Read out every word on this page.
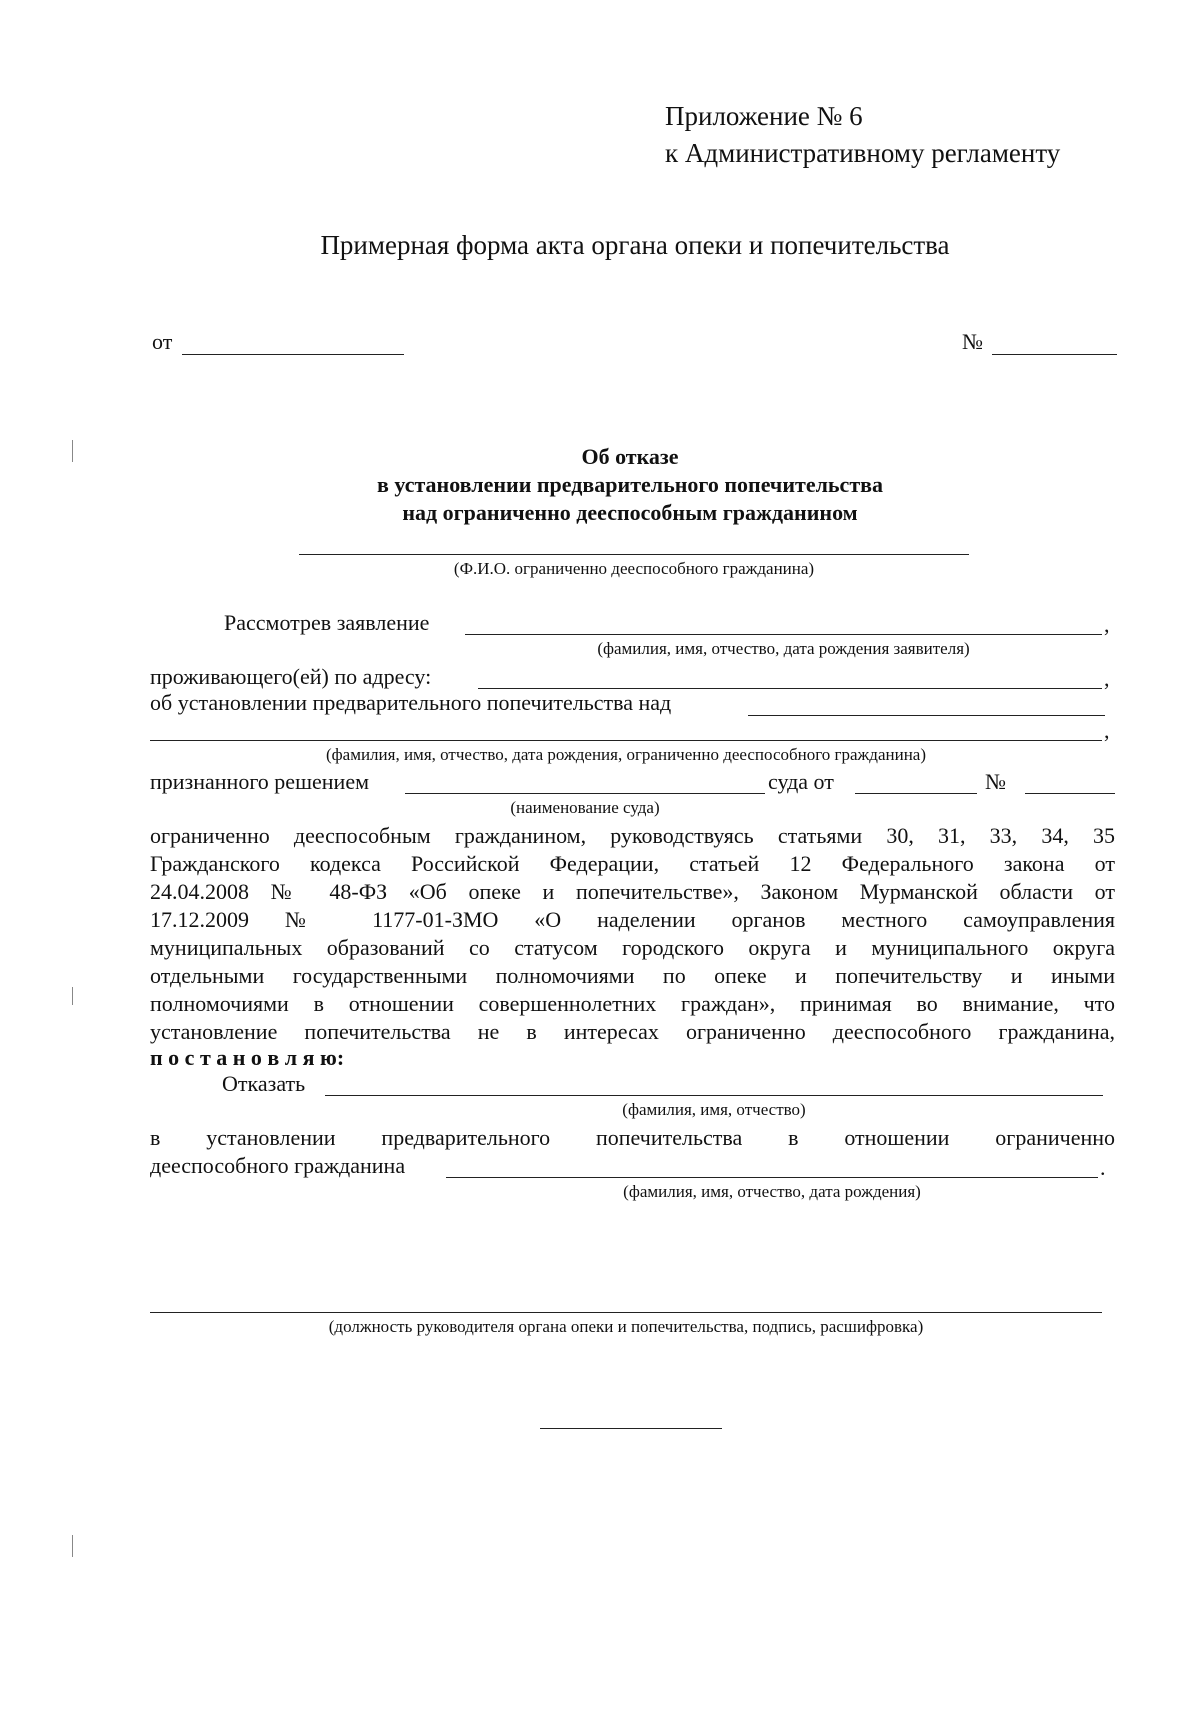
Приложение № 6
к Административному регламенту
Примерная форма акта органа опеки и попечительства
от	№
Об отказе
в установлении предварительного попечительства
над ограниченно дееспособным гражданином
(Ф.И.О. ограниченно дееспособного гражданина)
Рассмотрев заявление	,
(фамилия, имя, отчество, дата рождения заявителя)
проживающего(ей) по адресу:	,
об установлении предварительного попечительства над
,
(фамилия, имя, отчество, дата рождения, ограниченно дееспособного гражданина)
признанного решением	суда от	№
(наименование суда)
ограниченно дееспособным гражданином, руководствуясь статьями 30, 31, 33, 34, 35
Гражданского кодекса Российской Федерации, статьей 12 Федерального закона от
24.04.2008 № 48-ФЗ «Об опеке и попечительстве», Законом Мурманской области от
17.12.2009 № 1177-01-ЗМО «О наделении органов местного самоуправления
муниципальных образований со статусом городского округа и муниципального округа
отдельными государственными полномочиями по опеке и попечительству и иными
полномочиями в отношении совершеннолетних граждан», принимая во внимание, что
установление попечительства не в интересах ограниченно дееспособного гражданина,
п о с т а н о в л я ю:
Отказать
(фамилия, имя, отчество)
в установлении предварительного попечительства в отношении ограниченно
дееспособного гражданина	.
(фамилия, имя, отчество, дата рождения)
(должность руководителя органа опеки и попечительства, подпись, расшифровка)
